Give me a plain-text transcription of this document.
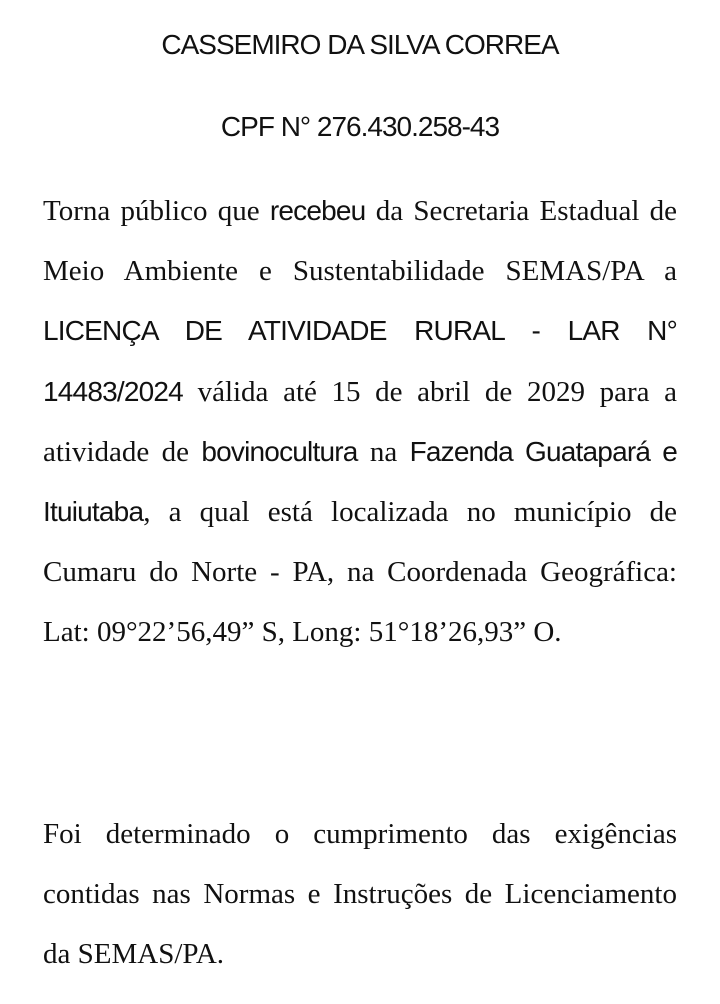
CASSEMIRO DA SILVA CORREA
CPF N° 276.430.258-43

Torna público que recebeu da Secretaria Estadual de Meio Ambiente e Sustentabilidade SEMAS/PA a LICENÇA DE ATIVIDADE RURAL - LAR N° 14483/2024 válida até 15 de abril de 2029 para a atividade de bovinocultura na Fazenda Guatapará e Ituiutaba, a qual está localizada no município de Cumaru do Norte - PA, na Coordenada Geográfica: Lat: 09°22’56,49” S, Long: 51°18’26,93” O.

Foi determinado o cumprimento das exigências contidas nas Normas e Instruções de Licenciamento da SEMAS/PA.
